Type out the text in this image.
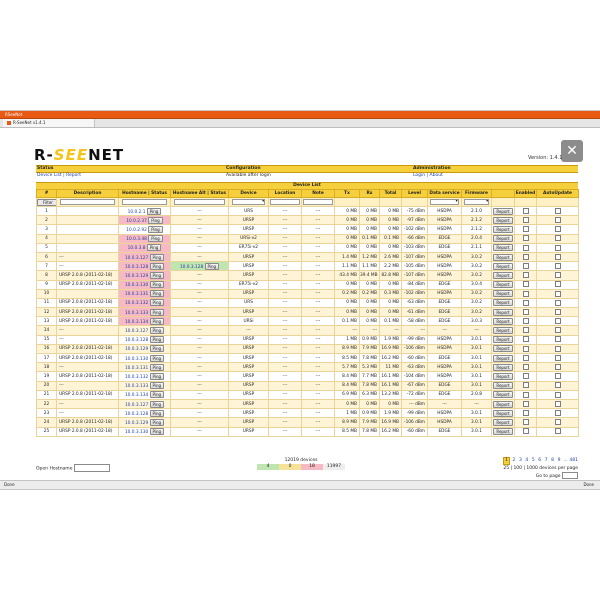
RSeeNet
R-SeeNet v1.4.1
R-SEENET	✕
Version: 1.4.1
Status	Configuration	Administration
Device List | Report	Available after login	Login | About
Device List
#	Description	Hostname | Status	Hostname Alt | Status	Device	Location	Note	Tx	Rx	Total	Level	Data service	Firmware		Enabled	AutoUpdate
Filter				▾							▾	▾			
1		10.0.2.1 Ping	---	URS	---	---	0 MB	0 MB	0 MB	-75 dBm	HSDPA	2.1.0	Report		
2		10.0.2.37 Ping	---	URSP	---	---	0 MB	0 MB	0 MB	-97 dBm	HSDPA	2.1.2	Report		
3		10.0.2.92 Ping	---	URSP	---	---	0 MB	0 MB	0 MB	-102 dBm	HSDPA	2.1.2	Report		
4		10.0.3.48 Ping	---	URSi-v2	---	---	0 MB	0.1 MB	0.1 MB	-66 dBm	EDGE	2.0.4	Report		
5		10.0.3.8 Ping	---	ER75i-v2	---	---	0 MB	0 MB	0 MB	-103 dBm	EDGE	2.1.1	Report		
6	---	10.0.3.127 Ping	---	URSP	---	---	1.4 MB	1.2 MB	2.6 MB	-107 dBm	HSDPA	3.0.2	Report		
7	---	10.0.3.128 Ping	10.0.3.128 Ping	URSP	---	---	1.1 MB	1.1 MB	2.2 MB	-105 dBm	HSDPA	3.0.2	Report		
8	URSP 2.0.8 (2011-02-18)	10.0.3.129 Ping	---	URSP	---	---	43.4 MB	39.4 MB	82.8 MB	-107 dBm	HSDPA	3.0.2	Report		
9	URSP 2.0.8 (2011-02-18)	10.0.3.130 Ping	---	ER75i-v2	---	---	0 MB	0 MB	0 MB	-84 dBm	EDGE	3.0.4	Report		
10		10.0.3.131 Ping	---	URSP	---	---	0.2 MB	0.2 MB	0.3 MB	-102 dBm	HSDPA	3.0.2	Report		
11	URSP 2.0.8 (2011-02-18)	10.0.3.132 Ping	---	URS	---	---	0 MB	0 MB	0 MB	-63 dBm	EDGE	3.0.2	Report		
12	URSP 2.0.8 (2011-02-18)	10.0.3.133 Ping	---	URSP	---	---	0 MB	0 MB	0 MB	-61 dBm	EDGE	3.0.2	Report		
13	URSP 2.0.8 (2011-02-18)	10.0.3.134 Ping	---	URSi	---	---	0.1 MB	0 MB	0.1 MB	-58 dBm	EDGE	3.0.3	Report		
14	---	10.0.3.127 Ping	---	---	---	---	---	---	---	---	---	---	Report		
15	---	10.0.3.128 Ping	---	URSP	---	---	1 MB	0.9 MB	1.9 MB	-99 dBm	HSDPA	3.0.1	Report		
16	URSP 2.0.8 (2011-02-18)	10.0.3.129 Ping	---	URSP	---	---	8.9 MB	7.9 MB	16.9 MB	-106 dBm	HSDPA	3.0.1	Report		
17	URSP 2.0.8 (2011-02-18)	10.0.3.130 Ping	---	URSP	---	---	8.5 MB	7.8 MB	16.2 MB	-60 dBm	EDGE	3.0.1	Report		
18	---	10.0.3.131 Ping	---	URSP	---	---	5.7 MB	5.3 MB	11 MB	-63 dBm	HSDPA	3.0.1	Report		
19	URSP 2.0.8 (2011-02-18)	10.0.3.132 Ping	---	URSP	---	---	8.4 MB	7.7 MB	16.1 MB	-104 dBm	HSDPA	3.0.1	Report		
20	---	10.0.3.133 Ping	---	URSP	---	---	8.4 MB	7.8 MB	16.1 MB	-67 dBm	EDGE	3.0.1	Report		
21	URSP 2.0.8 (2011-02-18)	10.0.3.134 Ping	---	URSP	---	---	6.9 MB	6.3 MB	13.2 MB	-72 dBm	EDGE	2.0.8	Report		
22	---	10.0.3.127 Ping	---	URSP	---	---	0 MB	0 MB	0 MB	--- dBm	---	---	Report		
23	---	10.0.3.128 Ping	---	URSP	---	---	1 MB	0.9 MB	1.9 MB	-99 dBm	HSDPA	3.0.1	Report		
24	URSP 2.0.8 (2011-02-18)	10.0.3.129 Ping	---	URSP	---	---	8.9 MB	7.9 MB	16.9 MB	-106 dBm	HSDPA	3.0.1	Report		
25	URSP 2.0.8 (2011-02-18)	10.0.3.130 Ping	---	URSP	---	---	8.5 MB	7.8 MB	16.2 MB	-60 dBm	EDGE	3.0.1	Report		
Open Hostname
12019 devices
4	0	18	11997
1 2 3 4 5 6 7 8 9 ... 481
25 | 100 | 1000 devices per page
Go to page
Done	Done
